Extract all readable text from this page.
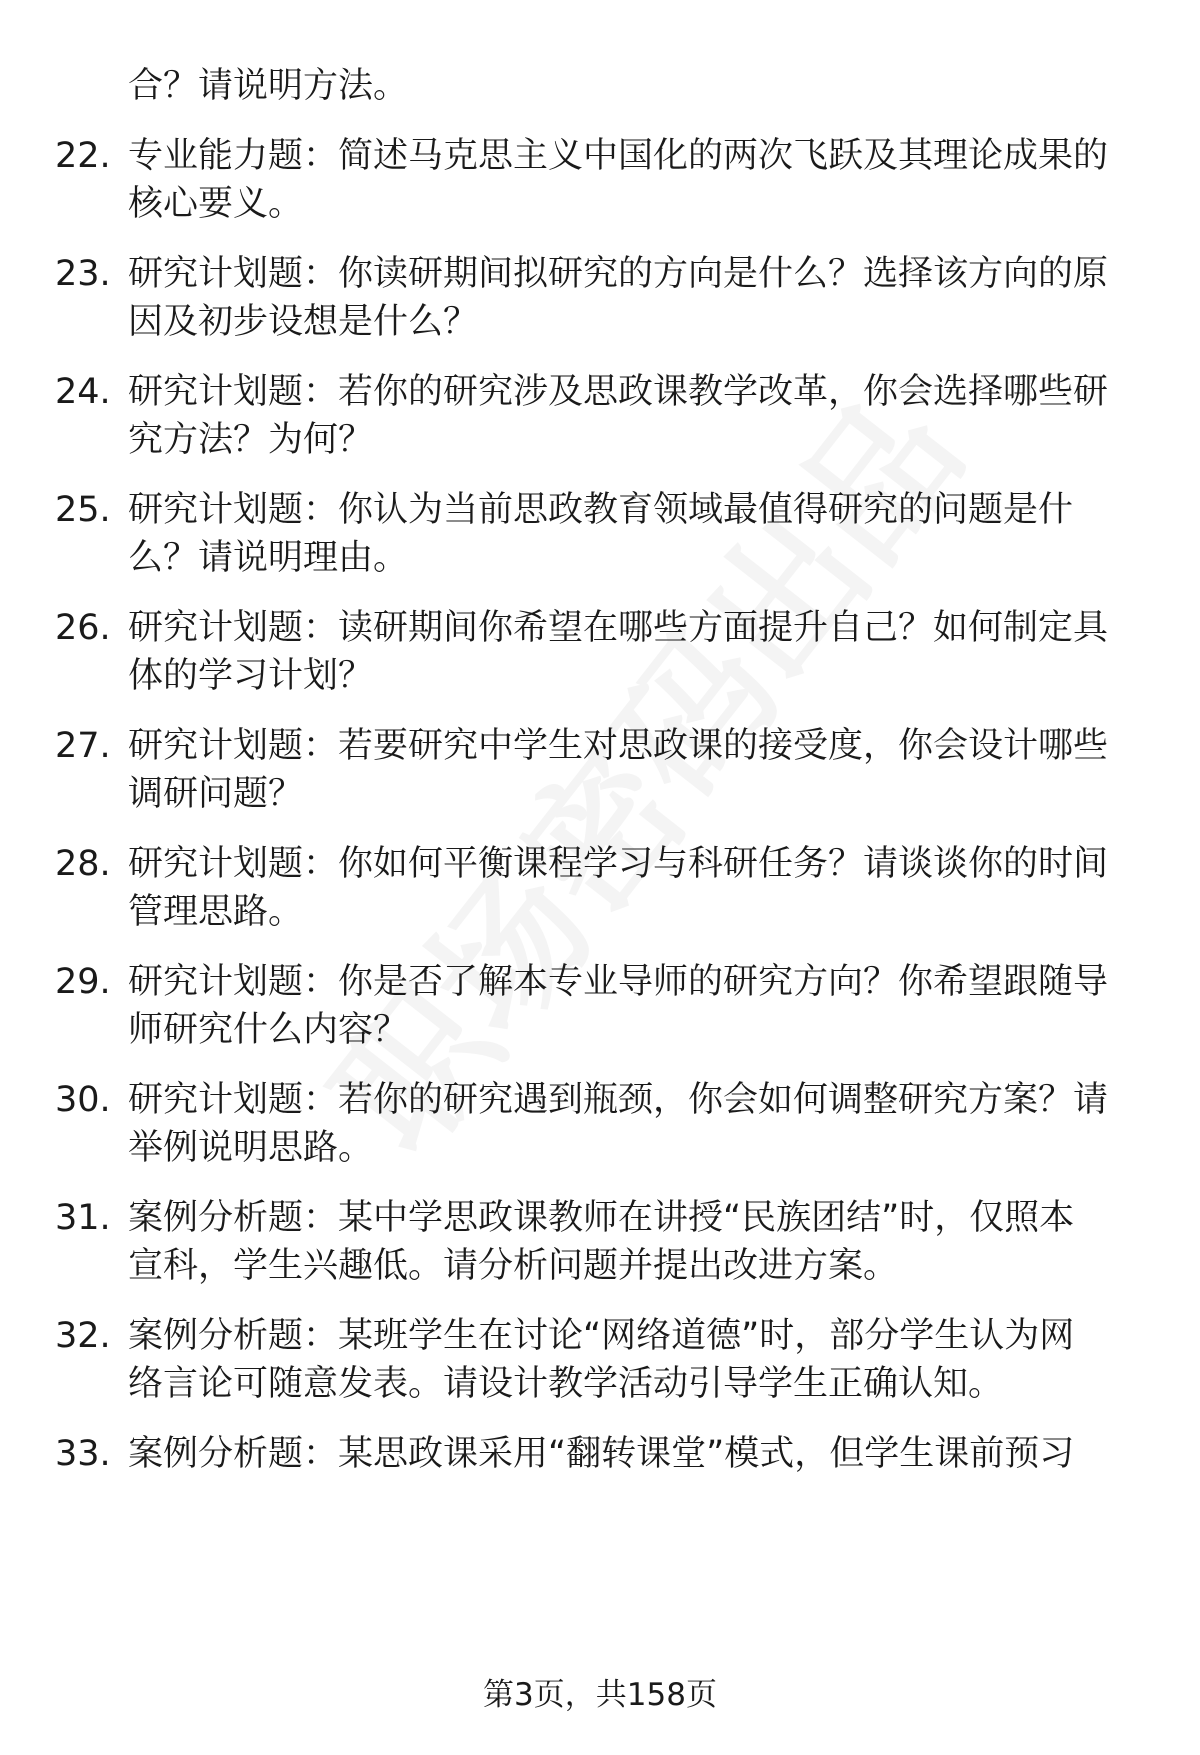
合？请说明方法。
22. 专业能力题：简述马克思主义中国化的两次飞跃及其理论成果的
核心要义。
23. 研究计划题：你读研期间拟研究的方向是什么？选择该方向的原
因及初步设想是什么？
24. 研究计划题：若你的研究涉及思政课教学改革，你会选择哪些研
究方法？为何？
25. 研究计划题：你认为当前思政教育领域最值得研究的问题是什
么？请说明理由。
26. 研究计划题：读研期间你希望在哪些方面提升自己？如何制定具
体的学习计划？
27. 研究计划题：若要研究中学生对思政课的接受度，你会设计哪些
调研问题？
28. 研究计划题：你如何平衡课程学习与科研任务？请谈谈你的时间
管理思路。
29. 研究计划题：你是否了解本专业导师的研究方向？你希望跟随导
师研究什么内容？
30. 研究计划题：若你的研究遇到瓶颈，你会如何调整研究方案？请
举例说明思路。
31. 案例分析题：某中学思政课教师在讲授“民族团结”时，仅照本
宣科，学生兴趣低。请分析问题并提出改进方案。
32. 案例分析题：某班学生在讨论“网络道德”时，部分学生认为网
络言论可随意发表。请设计教学活动引导学生正确认知。
33. 案例分析题：某思政课采用“翻转课堂”模式，但学生课前预习
第3页，共158页
